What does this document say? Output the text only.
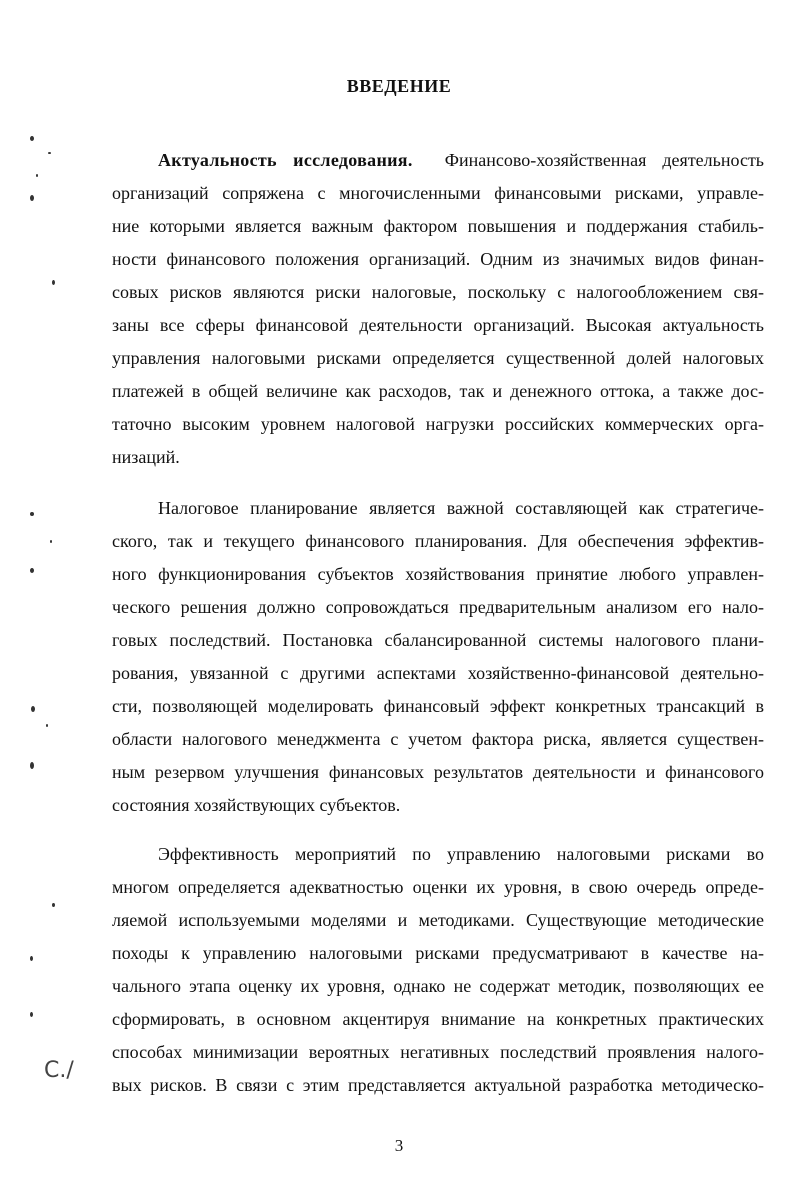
ВВЕДЕНИЕ
Актуальность исследования. Финансово-хозяйственная деятельность
организаций сопряжена с многочисленными финансовыми рисками, управле-
ние которыми является важным фактором повышения и поддержания стабиль-
ности финансового положения организаций. Одним из значимых видов финан-
совых рисков являются риски налоговые, поскольку с налогообложением свя-
заны все сферы финансовой деятельности организаций. Высокая актуальность
управления налоговыми рисками определяется существенной долей налоговых
платежей в общей величине как расходов, так и денежного оттока, а также дос-
таточно высоким уровнем налоговой нагрузки российских коммерческих орга-
низаций.
Налоговое планирование является важной составляющей как стратегиче-
ского, так и текущего финансового планирования. Для обеспечения эффектив-
ного функционирования субъектов хозяйствования принятие любого управлен-
ческого решения должно сопровождаться предварительным анализом его нало-
говых последствий. Постановка сбалансированной системы налогового плани-
рования, увязанной с другими аспектами хозяйственно-финансовой деятельно-
сти, позволяющей моделировать финансовый эффект конкретных трансакций в
области налогового менеджмента с учетом фактора риска, является существен-
ным резервом улучшения финансовых результатов деятельности и финансового
состояния хозяйствующих субъектов.
Эффективность мероприятий по управлению налоговыми рисками во
многом определяется адекватностью оценки их уровня, в свою очередь опреде-
ляемой используемыми моделями и методиками. Существующие методические
походы к управлению налоговыми рисками предусматривают в качестве на-
чального этапа оценку их уровня, однако не содержат методик, позволяющих ее
сформировать, в основном акцентируя внимание на конкретных практических
способах минимизации вероятных негативных последствий проявления налого-
вых рисков. В связи с этим представляется актуальной разработка методическо-
3
С./
